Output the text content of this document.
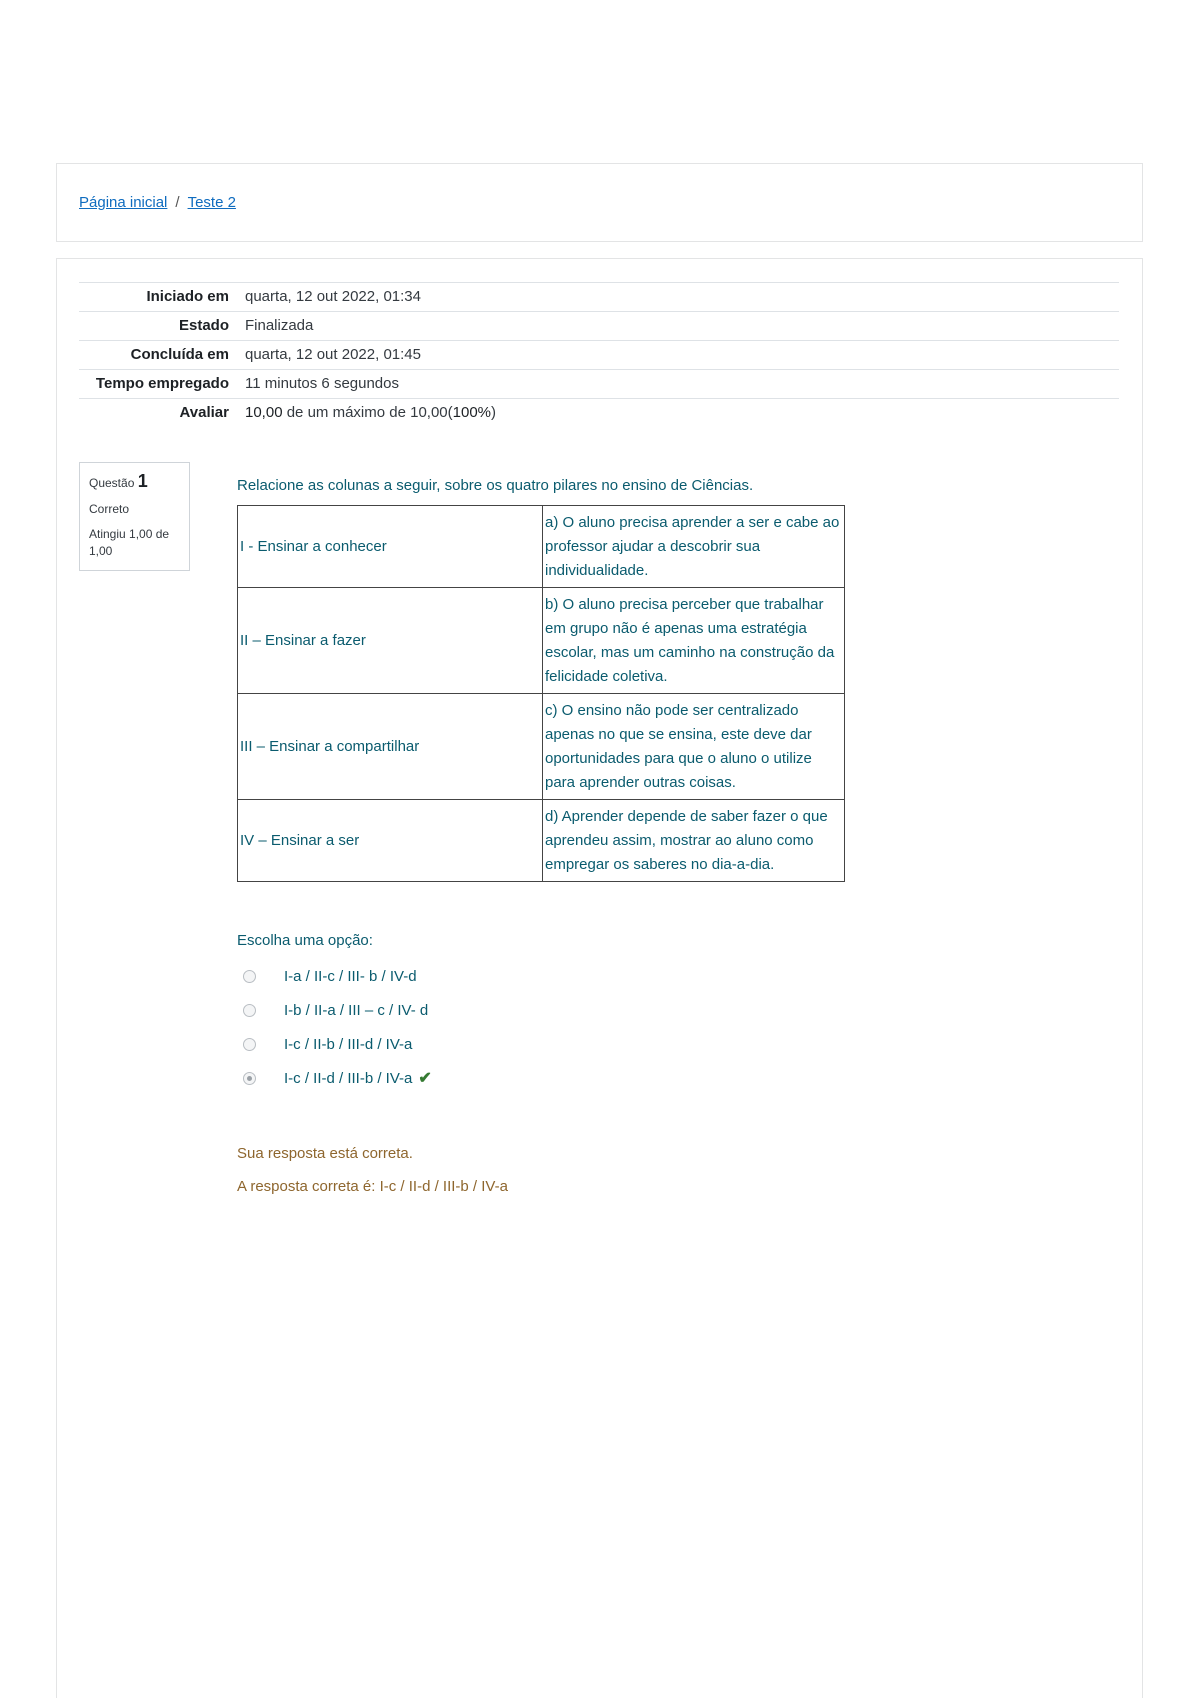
Página inicial / Teste 2
Iniciado em	quarta, 12 out 2022, 01:34
Estado	Finalizada
Concluída em	quarta, 12 out 2022, 01:45
Tempo empregado	11 minutos 6 segundos
Avaliar	10,00 de um máximo de 10,00(100%)
Questão 1
Correto
Atingiu 1,00 de 1,00
Relacione as colunas a seguir, sobre os quatro pilares no ensino de Ciências.
I - Ensinar a conhecer	a) O aluno precisa aprender a ser e cabe ao professor ajudar a descobrir sua individualidade.
II – Ensinar a fazer	b) O aluno precisa perceber que trabalhar em grupo não é apenas uma estratégia escolar, mas um caminho na construção da felicidade coletiva.
III – Ensinar a compartilhar	c) O ensino não pode ser centralizado apenas no que se ensina, este deve dar oportunidades para que o aluno o utilize para aprender outras coisas.
IV – Ensinar a ser	d) Aprender depende de saber fazer o que aprendeu assim, mostrar ao aluno como empregar os saberes no dia-a-dia.
Escolha uma opção:
I-a / II-c / III- b / IV-d
I-b / II-a / III – c / IV- d
I-c / II-b / III-d / IV-a
I-c / II-d / III-b / IV-a ✔
Sua resposta está correta.
A resposta correta é: I-c / II-d / III-b / IV-a
